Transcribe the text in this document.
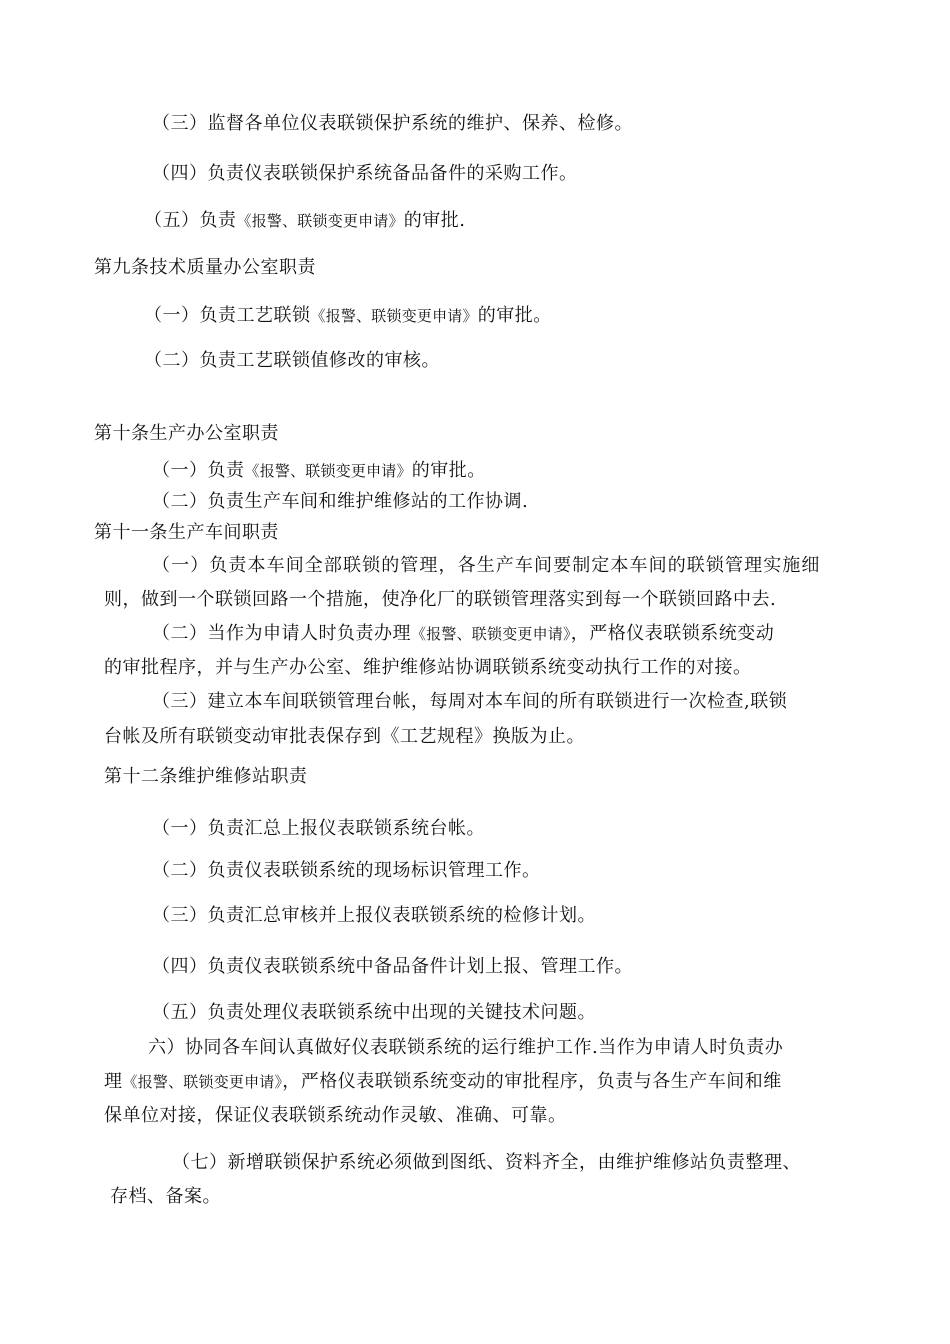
（三）监督各单位仪表联锁保护系统的维护、保养、检修。
（四）负责仪表联锁保护系统备品备件的采购工作。
（五）负责《报警、联锁变更申请》的审批.
第九条技术质量办公室职责
（一）负责工艺联锁《报警、联锁变更申请》的审批。
（二）负责工艺联锁值修改的审核。
第十条生产办公室职责
（一）负责《报警、联锁变更申请》的审批。
（二）负责生产车间和维护维修站的工作协调.
第十一条生产车间职责
（一）负责本车间全部联锁的管理，各生产车间要制定本车间的联锁管理实施细
则，做到一个联锁回路一个措施，使净化厂的联锁管理落实到每一个联锁回路中去.
（二）当作为申请人时负责办理《报警、联锁变更申请》，严格仪表联锁系统变动
的审批程序，并与生产办公室、维护维修站协调联锁系统变动执行工作的对接。
（三）建立本车间联锁管理台帐，每周对本车间的所有联锁进行一次检查,联锁
台帐及所有联锁变动审批表保存到《工艺规程》换版为止。
第十二条维护维修站职责
（一）负责汇总上报仪表联锁系统台帐。
（二）负责仪表联锁系统的现场标识管理工作。
（三）负责汇总审核并上报仪表联锁系统的检修计划。
（四）负责仪表联锁系统中备品备件计划上报、管理工作。
（五）负责处理仪表联锁系统中出现的关键技术问题。
六）协同各车间认真做好仪表联锁系统的运行维护工作.当作为申请人时负责办
理《报警、联锁变更申请》，严格仪表联锁系统变动的审批程序，负责与各生产车间和维
保单位对接，保证仪表联锁系统动作灵敏、准确、可靠。
（七）新增联锁保护系统必须做到图纸、资料齐全，由维护维修站负责整理、
存档、备案。
